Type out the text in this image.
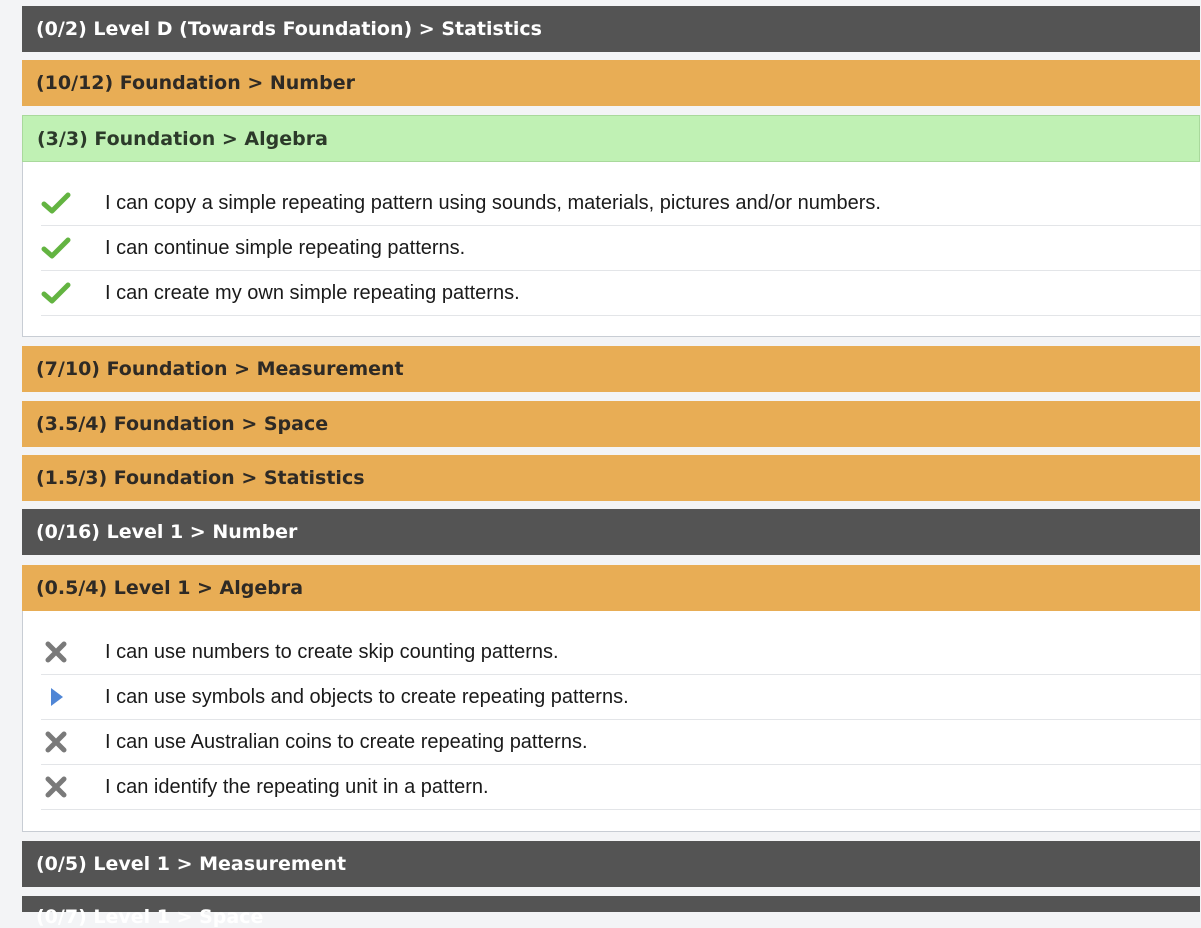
(0/2) Level D (Towards Foundation) > Statistics
(10/12) Foundation > Number
(3/3) Foundation > Algebra
I can copy a simple repeating pattern using sounds, materials, pictures and/or numbers.
I can continue simple repeating patterns.
I can create my own simple repeating patterns.
(7/10) Foundation > Measurement
(3.5/4) Foundation > Space
(1.5/3) Foundation > Statistics
(0/16) Level 1 > Number
(0.5/4) Level 1 > Algebra
I can use numbers to create skip counting patterns.
I can use symbols and objects to create repeating patterns.
I can use Australian coins to create repeating patterns.
I can identify the repeating unit in a pattern.
(0/5) Level 1 > Measurement
(0/7) Level 1 > Space
